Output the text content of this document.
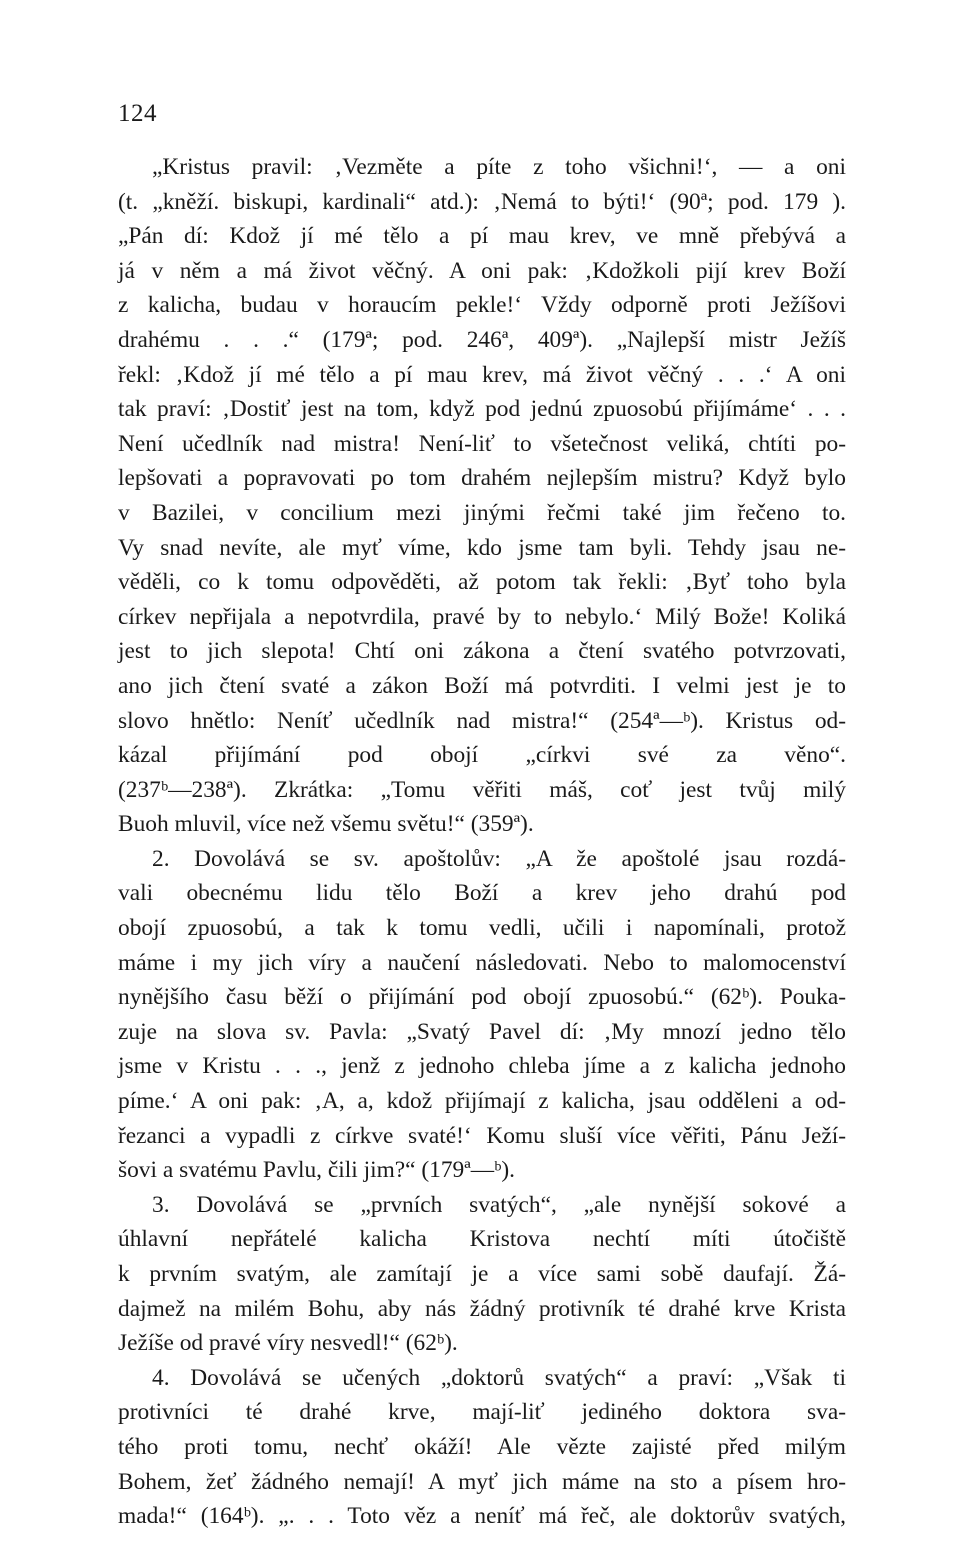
124
„Kristus pravil: ‚Vezměte a píte z toho všichni!‘, — a oni
(t. „kněží. biskupi, kardinali“ atd.): ‚Nemá to býti!‘ (90ª; pod. 179 ).
„Pán dí: Kdož jí mé tělo a pí mau krev, ve mně přebývá a
já v něm a má život věčný. A oni pak: ‚Kdožkoli pijí krev Boží
z kalicha, budau v horaucím pekle!‘ Vždy odporně proti Ježíšovi
drahému . . .“ (179ª; pod. 246ª, 409ª). „Najlepší mistr Ježíš
řekl: ‚Kdož jí mé tělo a pí mau krev, má život věčný . . .‘ A oni
tak praví: ‚Dostiť jest na tom, když pod jednú zpuosobú přijímáme‘ . . .
Není učedlník nad mistra! Není-liť to všetečnost veliká, chtíti po-
lepšovati a popravovati po tom drahém nejlepším mistru? Když bylo
v Bazilei, v concilium mezi jinými řečmi také jim řečeno to.
Vy snad nevíte, ale myť víme, kdo jsme tam byli. Tehdy jsau ne-
věděli, co k tomu odpověděti, až potom tak řekli: ‚Byť toho byla
církev nepřijala a nepotvrdila, pravé by to nebylo.‘ Milý Bože! Koliká
jest to jich slepota! Chtí oni zákona a čtení svatého potvrzovati,
ano jich čtení svaté a zákon Boží má potvrditi. I velmi jest je to
slovo hnětlo: Neníť učedlník nad mistra!“ (254ª—ᵇ). Kristus od-
kázal přijímání pod obojí „církvi své za věno“.
(237ᵇ—238ª). Zkrátka: „Tomu věřiti máš, coť jest tvůj milý
Buoh mluvil, více než všemu světu!“ (359ª).
2. Dovolává se sv. apoštolův: „A že apoštolé jsau rozdá-
vali obecnému lidu tělo Boží a krev jeho drahú pod
obojí zpuosobú, a tak k tomu vedli, učili i napomínali, protož
máme i my jich víry a naučení následovati. Nebo to malomocenství
nynějšího času běží o přijímání pod obojí zpuosobú.“ (62ᵇ). Pouka-
zuje na slova sv. Pavla: „Svatý Pavel dí: ‚My mnozí jedno tělo
jsme v Kristu . . ., jenž z jednoho chleba jíme a z kalicha jednoho
píme.‘ A oni pak: ‚A, a, kdož přijímají z kalicha, jsau odděleni a od-
řezanci a vypadli z církve svaté!‘ Komu sluší více věřiti, Pánu Ježí-
šovi a svatému Pavlu, čili jim?“ (179ª—ᵇ).
3. Dovolává se „prvních svatých“, „ale nynější sokové a
úhlavní nepřátelé kalicha Kristova nechtí míti útočiště
k prvním svatým, ale zamítají je a více sami sobě daufají. Žá-
dajmež na milém Bohu, aby nás žádný protivník té drahé krve Krista
Ježíše od pravé víry nesvedl!“ (62ᵇ).
4. Dovolává se učených „doktorů svatých“ a praví: „Však ti
protivníci té drahé krve, mají-liť jediného doktora sva-
tého proti tomu, nechť okáží! Ale vězte zajisté před milým
Bohem, žeť žádného nemají! A myť jich máme na sto a písem hro-
mada!“ (164ᵇ). „. . . Toto věz a neníť má řeč, ale doktorův svatých,
